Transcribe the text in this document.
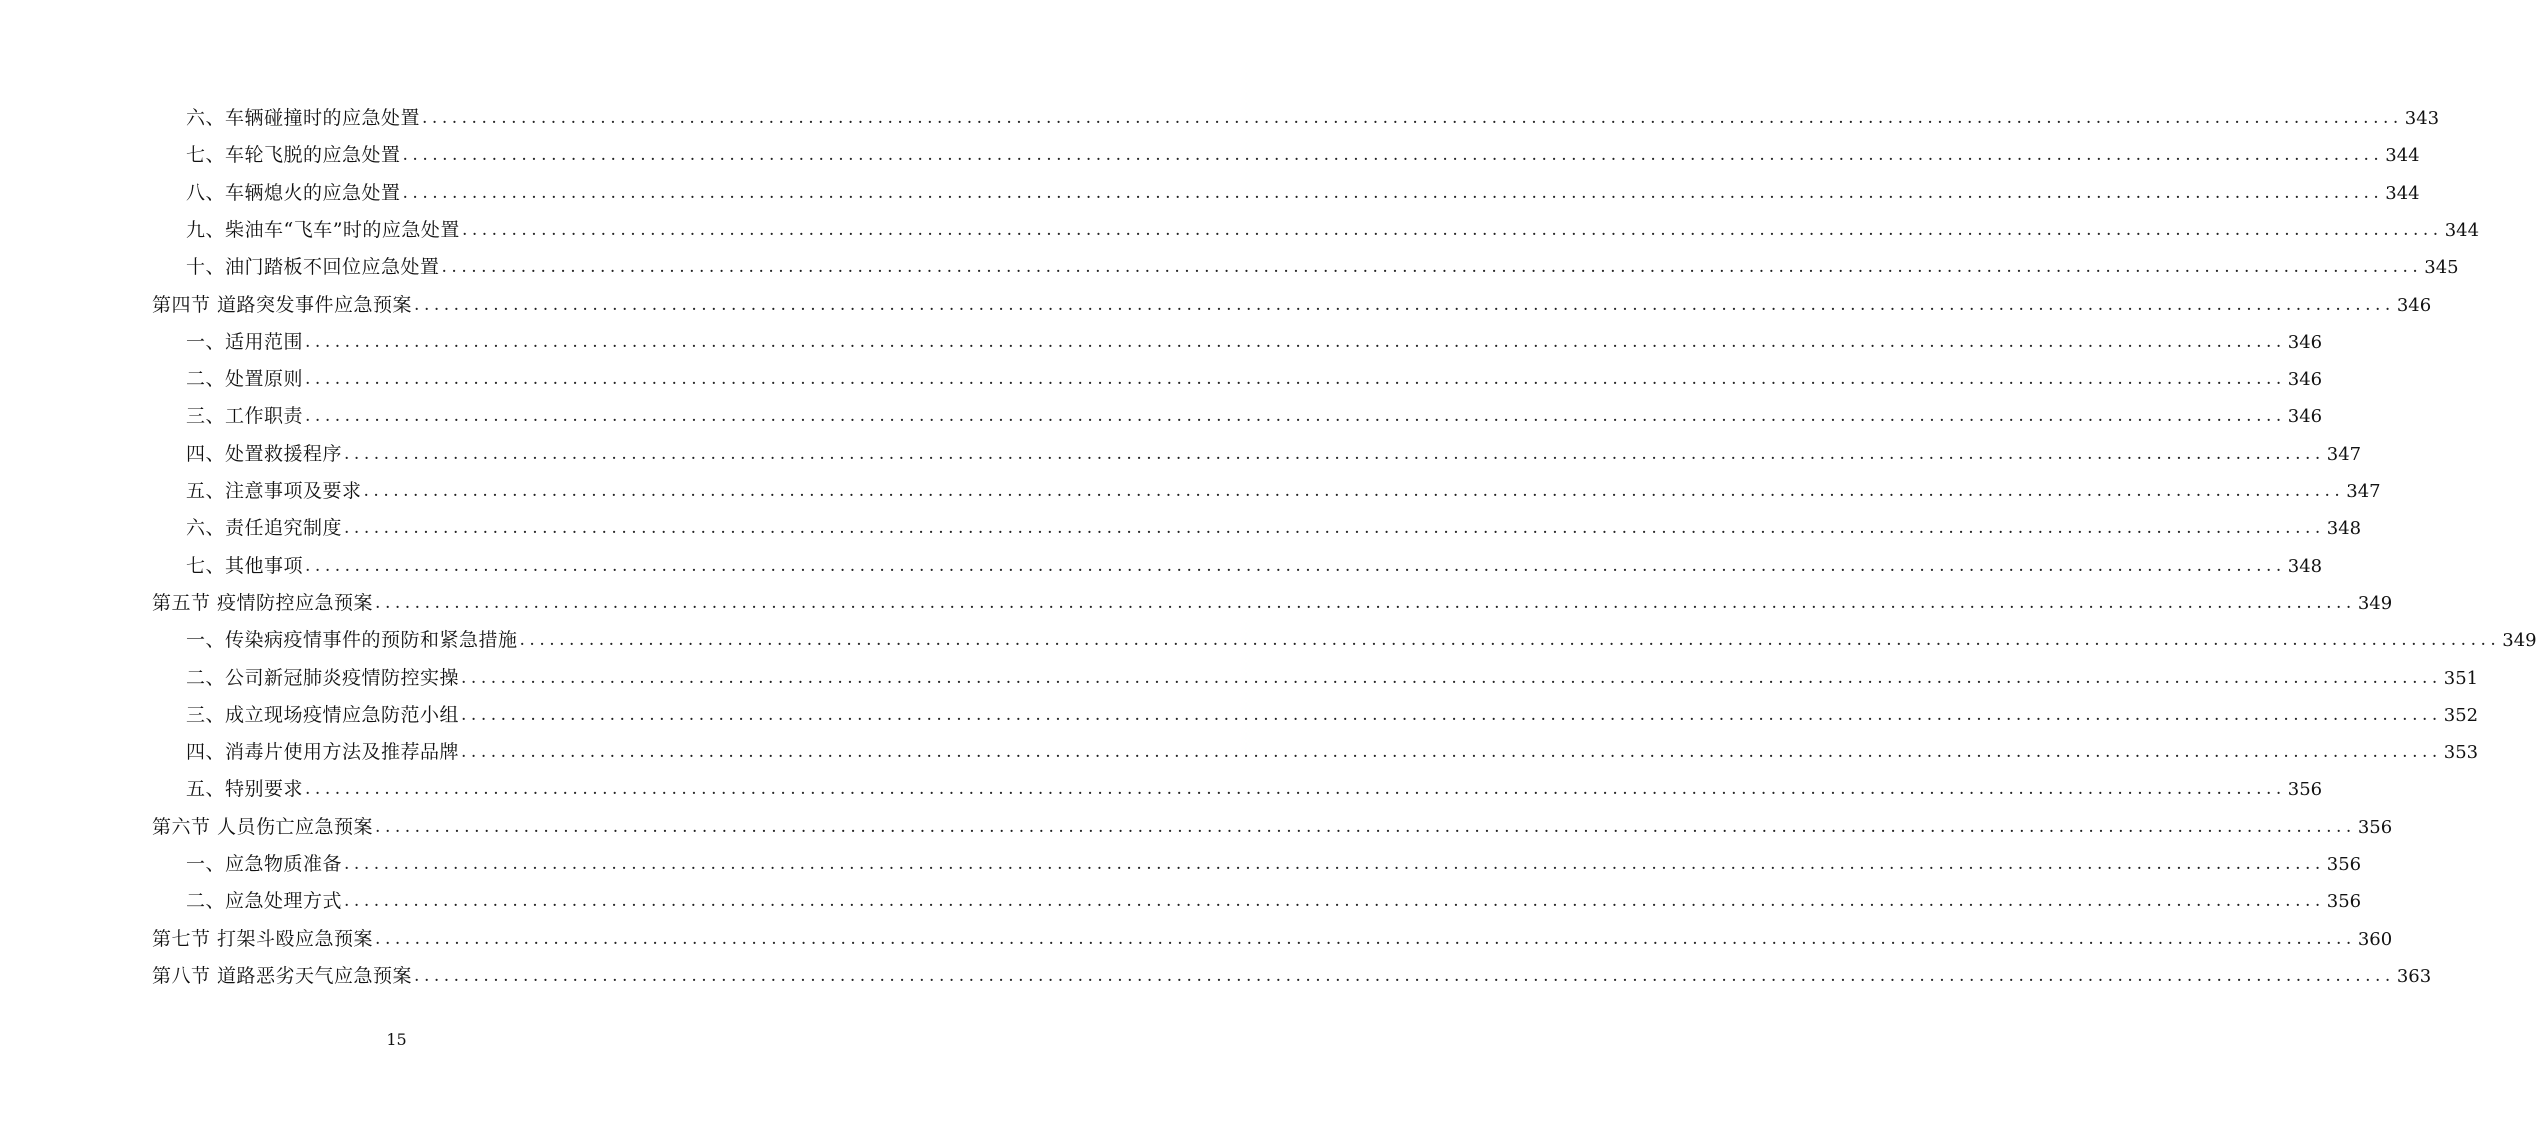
六、车辆碰撞时的应急处置 ........................................................................................................................................................................................................ 343
七、车轮飞脱的应急处置 ........................................................................................................................................................................................................ 344
八、车辆熄火的应急处置 ........................................................................................................................................................................................................ 344
九、柴油车“飞车”时的应急处置 ........................................................................................................................................................................................................ 344
十、油门踏板不回位应急处置 ........................................................................................................................................................................................................ 345
第四节 道路突发事件应急预案 ........................................................................................................................................................................................................ 346
一、适用范围 ........................................................................................................................................................................................................ 346
二、处置原则 ........................................................................................................................................................................................................ 346
三、工作职责 ........................................................................................................................................................................................................ 346
四、处置救援程序 ........................................................................................................................................................................................................ 347
五、注意事项及要求 ........................................................................................................................................................................................................ 347
六、责任追究制度 ........................................................................................................................................................................................................ 348
七、其他事项 ........................................................................................................................................................................................................ 348
第五节 疫情防控应急预案 ........................................................................................................................................................................................................ 349
一、传染病疫情事件的预防和紧急措施 ........................................................................................................................................................................................................ 349
二、公司新冠肺炎疫情防控实操 ........................................................................................................................................................................................................ 351
三、成立现场疫情应急防范小组 ........................................................................................................................................................................................................ 352
四、消毒片使用方法及推荐品牌 ........................................................................................................................................................................................................ 353
五、特别要求 ........................................................................................................................................................................................................ 356
第六节 人员伤亡应急预案 ........................................................................................................................................................................................................ 356
一、应急物质准备 ........................................................................................................................................................................................................ 356
二、应急处理方式 ........................................................................................................................................................................................................ 356
第七节 打架斗殴应急预案 ........................................................................................................................................................................................................ 360
第八节 道路恶劣天气应急预案 ........................................................................................................................................................................................................ 363
15
